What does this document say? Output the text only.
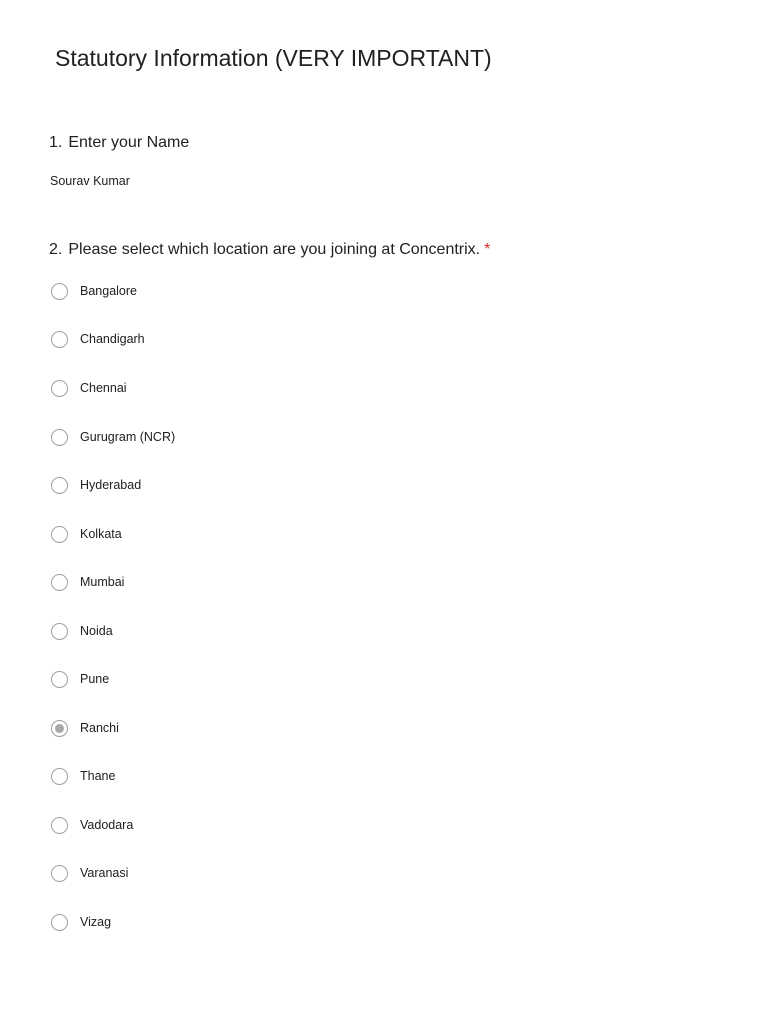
Statutory Information (VERY IMPORTANT)
1. Enter your Name
Sourav Kumar
2. Please select which location are you joining at Concentrix. *
Bangalore
Chandigarh
Chennai
Gurugram (NCR)
Hyderabad
Kolkata
Mumbai
Noida
Pune
Ranchi
Thane
Vadodara
Varanasi
Vizag
